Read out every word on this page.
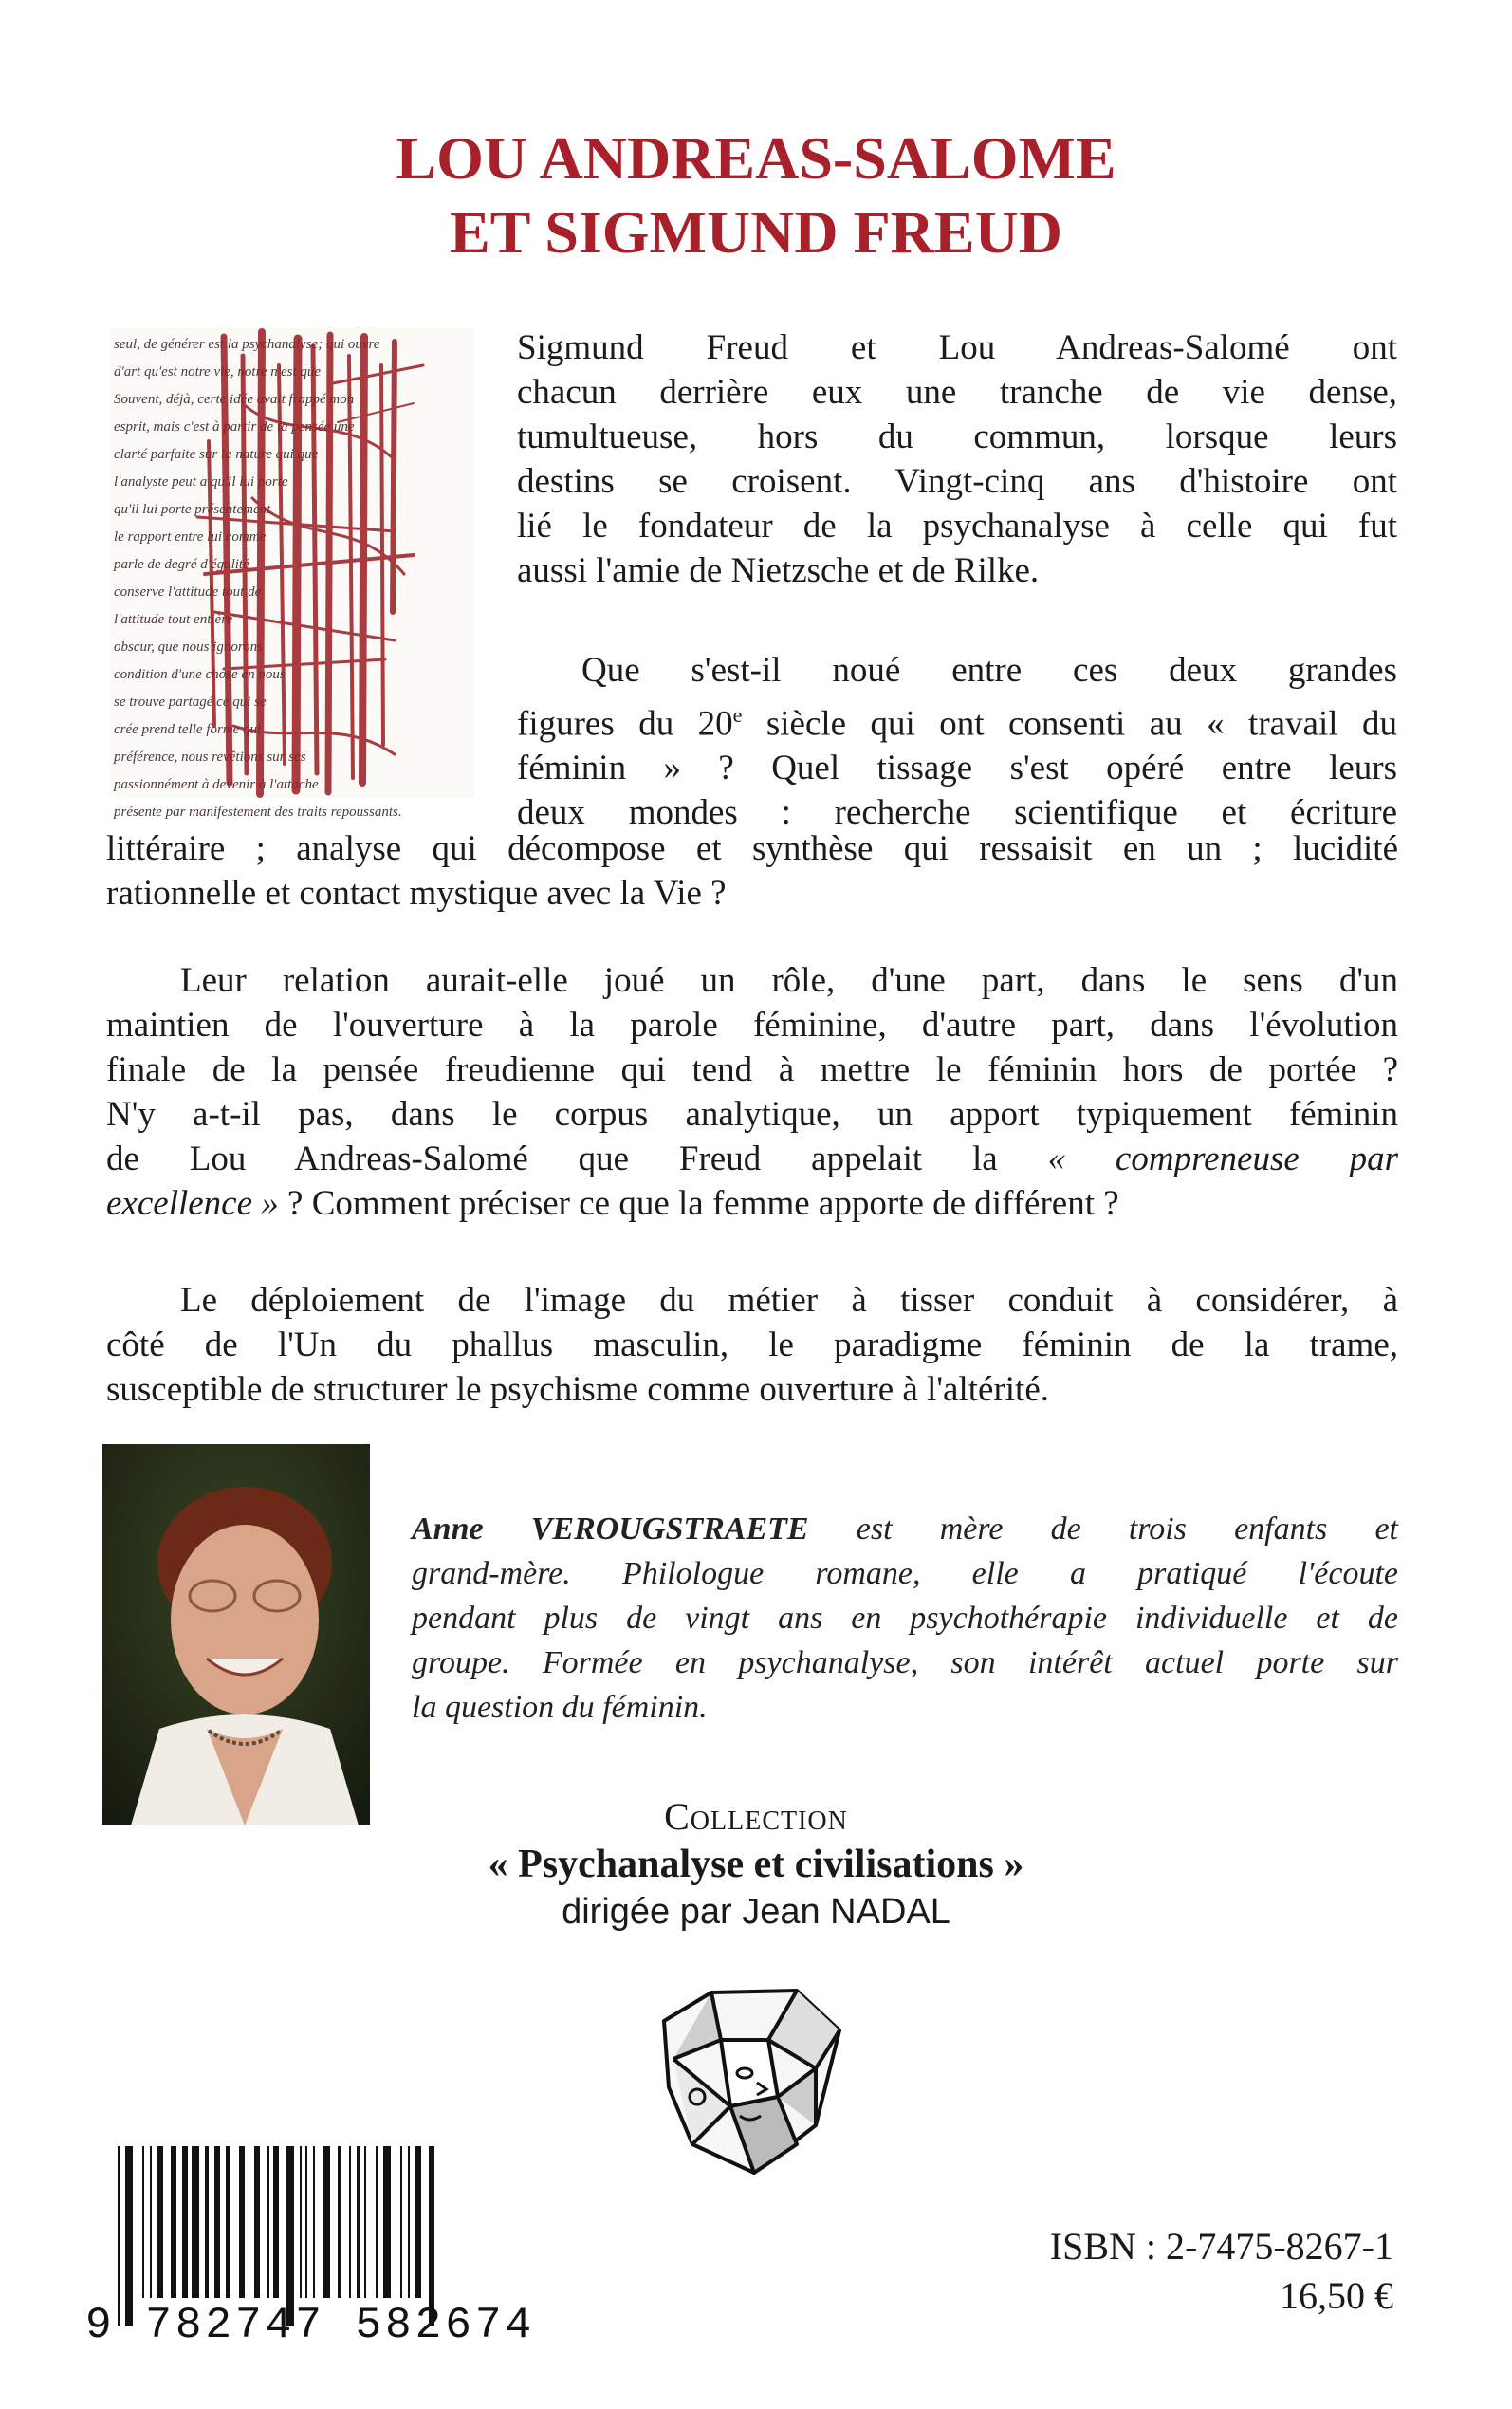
LOU ANDREAS-SALOME
ET SIGMUND FREUD
seul, de générer est la psychanalyse; qui ouvre
d'art qu'est notre vie, notre n'est que
Souvent, déjà, certe idée avait frappé mon
esprit, mais c'est à partir de la pensée une
clarté parfaite sur la nature qui que
l'analyste peut a qu'il lui porte
qu'il lui porte présentement
le rapport entre lui comme
parle de degré d'égalité
conserve l'attitude tout de
l'attitude tout entière
obscur, que nous ignorons
condition d'une chose en nous
se trouve partagé ce qui se
crée prend telle forme qui
préférence, nous revêtions sur ses
passionnément à devenir à l'attache
présente par manifestement des traits repoussants.
Sigmund Freud et Lou Andreas-Salomé ont
chacun derrière eux une tranche de vie dense,
tumultueuse, hors du commun, lorsque leurs
destins se croisent. Vingt-cinq ans d'histoire ont
lié le fondateur de la psychanalyse à celle qui fut
aussi l'amie de Nietzsche et de Rilke.
Que s'est-il noué entre ces deux grandes
figures du 20e siècle qui ont consenti au « travail du
féminin » ? Quel tissage s'est opéré entre leurs
deux mondes : recherche scientifique et écriture
littéraire ; analyse qui décompose et synthèse qui ressaisit en un ; lucidité
rationnelle et contact mystique avec la Vie ?
Leur relation aurait-elle joué un rôle, d'une part, dans le sens d'un
maintien de l'ouverture à la parole féminine, d'autre part, dans l'évolution
finale de la pensée freudienne qui tend à mettre le féminin hors de portée ?
N'y a-t-il pas, dans le corpus analytique, un apport typiquement féminin
de Lou Andreas-Salomé que Freud appelait la « compreneuse par
excellence » ? Comment préciser ce que la femme apporte de différent ?
Le déploiement de l'image du métier à tisser conduit à considérer, à
côté de l'Un du phallus masculin, le paradigme féminin de la trame,
susceptible de structurer le psychisme comme ouverture à l'altérité.
Anne VEROUGSTRAETE est mère de trois enfants et
grand-mère. Philologue romane, elle a pratiqué l'écoute
pendant plus de vingt ans en psychothérapie individuelle et de
groupe. Formée en psychanalyse, son intérêt actuel porte sur
la question du féminin.
Collection
« Psychanalyse et civilisations »
dirigée par Jean NADAL
9 782747 582674
ISBN : 2-7475-8267-1
16,50 €
